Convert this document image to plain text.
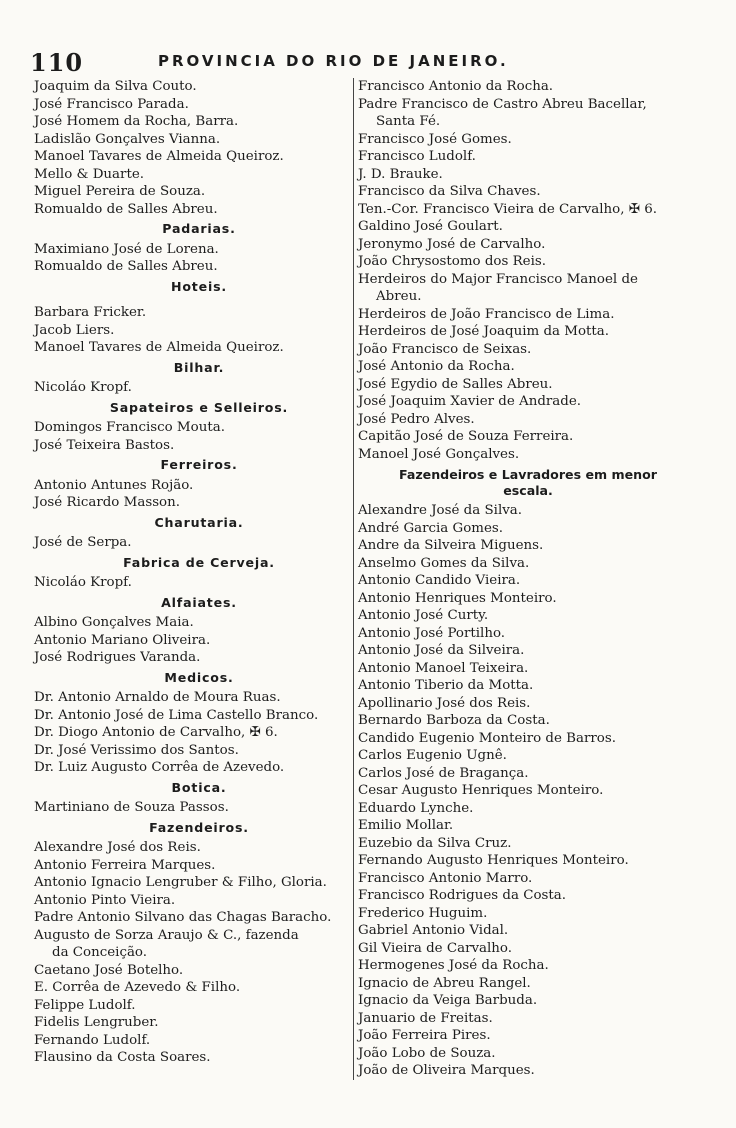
110	PROVINCIA DO RIO DE JANEIRO.
Joaquim da Silva Couto.
José Francisco Parada.
José Homem da Rocha, Barra.
Ladislão Gonçalves Vianna.
Manoel Tavares de Almeida Queiroz.
Mello & Duarte.
Miguel Pereira de Souza.
Romualdo de Salles Abreu.
Padarias.
Maximiano José de Lorena.
Romualdo de Salles Abreu.
Hoteis.
Barbara Fricker.
Jacob Liers.
Manoel Tavares de Almeida Queiroz.
Bilhar.
Nicoláo Kropf.
Sapateiros e Selleiros.
Domingos Francisco Mouta.
José Teixeira Bastos.
Ferreiros.
Antonio Antunes Rojão.
José Ricardo Masson.
Charutaria.
José de Serpa.
Fabrica de Cerveja.
Nicoláo Kropf.
Alfaiates.
Albino Gonçalves Maia.
Antonio Mariano Oliveira.
José Rodrigues Varanda.
Medicos.
Dr. Antonio Arnaldo de Moura Ruas.
Dr. Antonio José de Lima Castello Branco.
Dr. Diogo Antonio de Carvalho, ✠ 6.
Dr. José Verissimo dos Santos.
Dr. Luiz Augusto Corrêa de Azevedo.
Botica.
Martiniano de Souza Passos.
Fazendeiros.
Alexandre José dos Reis.
Antonio Ferreira Marques.
Antonio Ignacio Lengruber & Filho, Gloria.
Antonio Pinto Vieira.
Padre Antonio Silvano das Chagas Baracho.
Augusto de Sorza Araujo & C., fazenda
da Conceição.
Caetano José Botelho.
E. Corrêa de Azevedo & Filho.
Felippe Ludolf.
Fidelis Lengruber.
Fernando Ludolf.
Flausino da Costa Soares.
Francisco Antonio da Rocha.
Padre Francisco de Castro Abreu Bacellar,
Santa Fé.
Francisco José Gomes.
Francisco Ludolf.
J. D. Brauke.
Francisco da Silva Chaves.
Ten.-Cor. Francisco Vieira de Carvalho, ✠ 6.
Galdino José Goulart.
Jeronymo José de Carvalho.
João Chrysostomo dos Reis.
Herdeiros do Major Francisco Manoel de
Abreu.
Herdeiros de João Francisco de Lima.
Herdeiros de José Joaquim da Motta.
João Francisco de Seixas.
José Antonio da Rocha.
José Egydio de Salles Abreu.
José Joaquim Xavier de Andrade.
José Pedro Alves.
Capitão José de Souza Ferreira.
Manoel José Gonçalves.
Fazendeiros e Lavradores em menor
escala.
Alexandre José da Silva.
André Garcia Gomes.
Andre da Silveira Miguens.
Anselmo Gomes da Silva.
Antonio Candido Vieira.
Antonio Henriques Monteiro.
Antonio José Curty.
Antonio José Portilho.
Antonio José da Silveira.
Antonio Manoel Teixeira.
Antonio Tiberio da Motta.
Apollinario José dos Reis.
Bernardo Barboza da Costa.
Candido Eugenio Monteiro de Barros.
Carlos Eugenio Ugnê.
Carlos José de Bragança.
Cesar Augusto Henriques Monteiro.
Eduardo Lynche.
Emilio Mollar.
Euzebio da Silva Cruz.
Fernando Augusto Henriques Monteiro.
Francisco Antonio Marro.
Francisco Rodrigues da Costa.
Frederico Huguim.
Gabriel Antonio Vidal.
Gil Vieira de Carvalho.
Hermogenes José da Rocha.
Ignacio de Abreu Rangel.
Ignacio da Veiga Barbuda.
Januario de Freitas.
João Ferreira Pires.
João Lobo de Souza.
João de Oliveira Marques.
